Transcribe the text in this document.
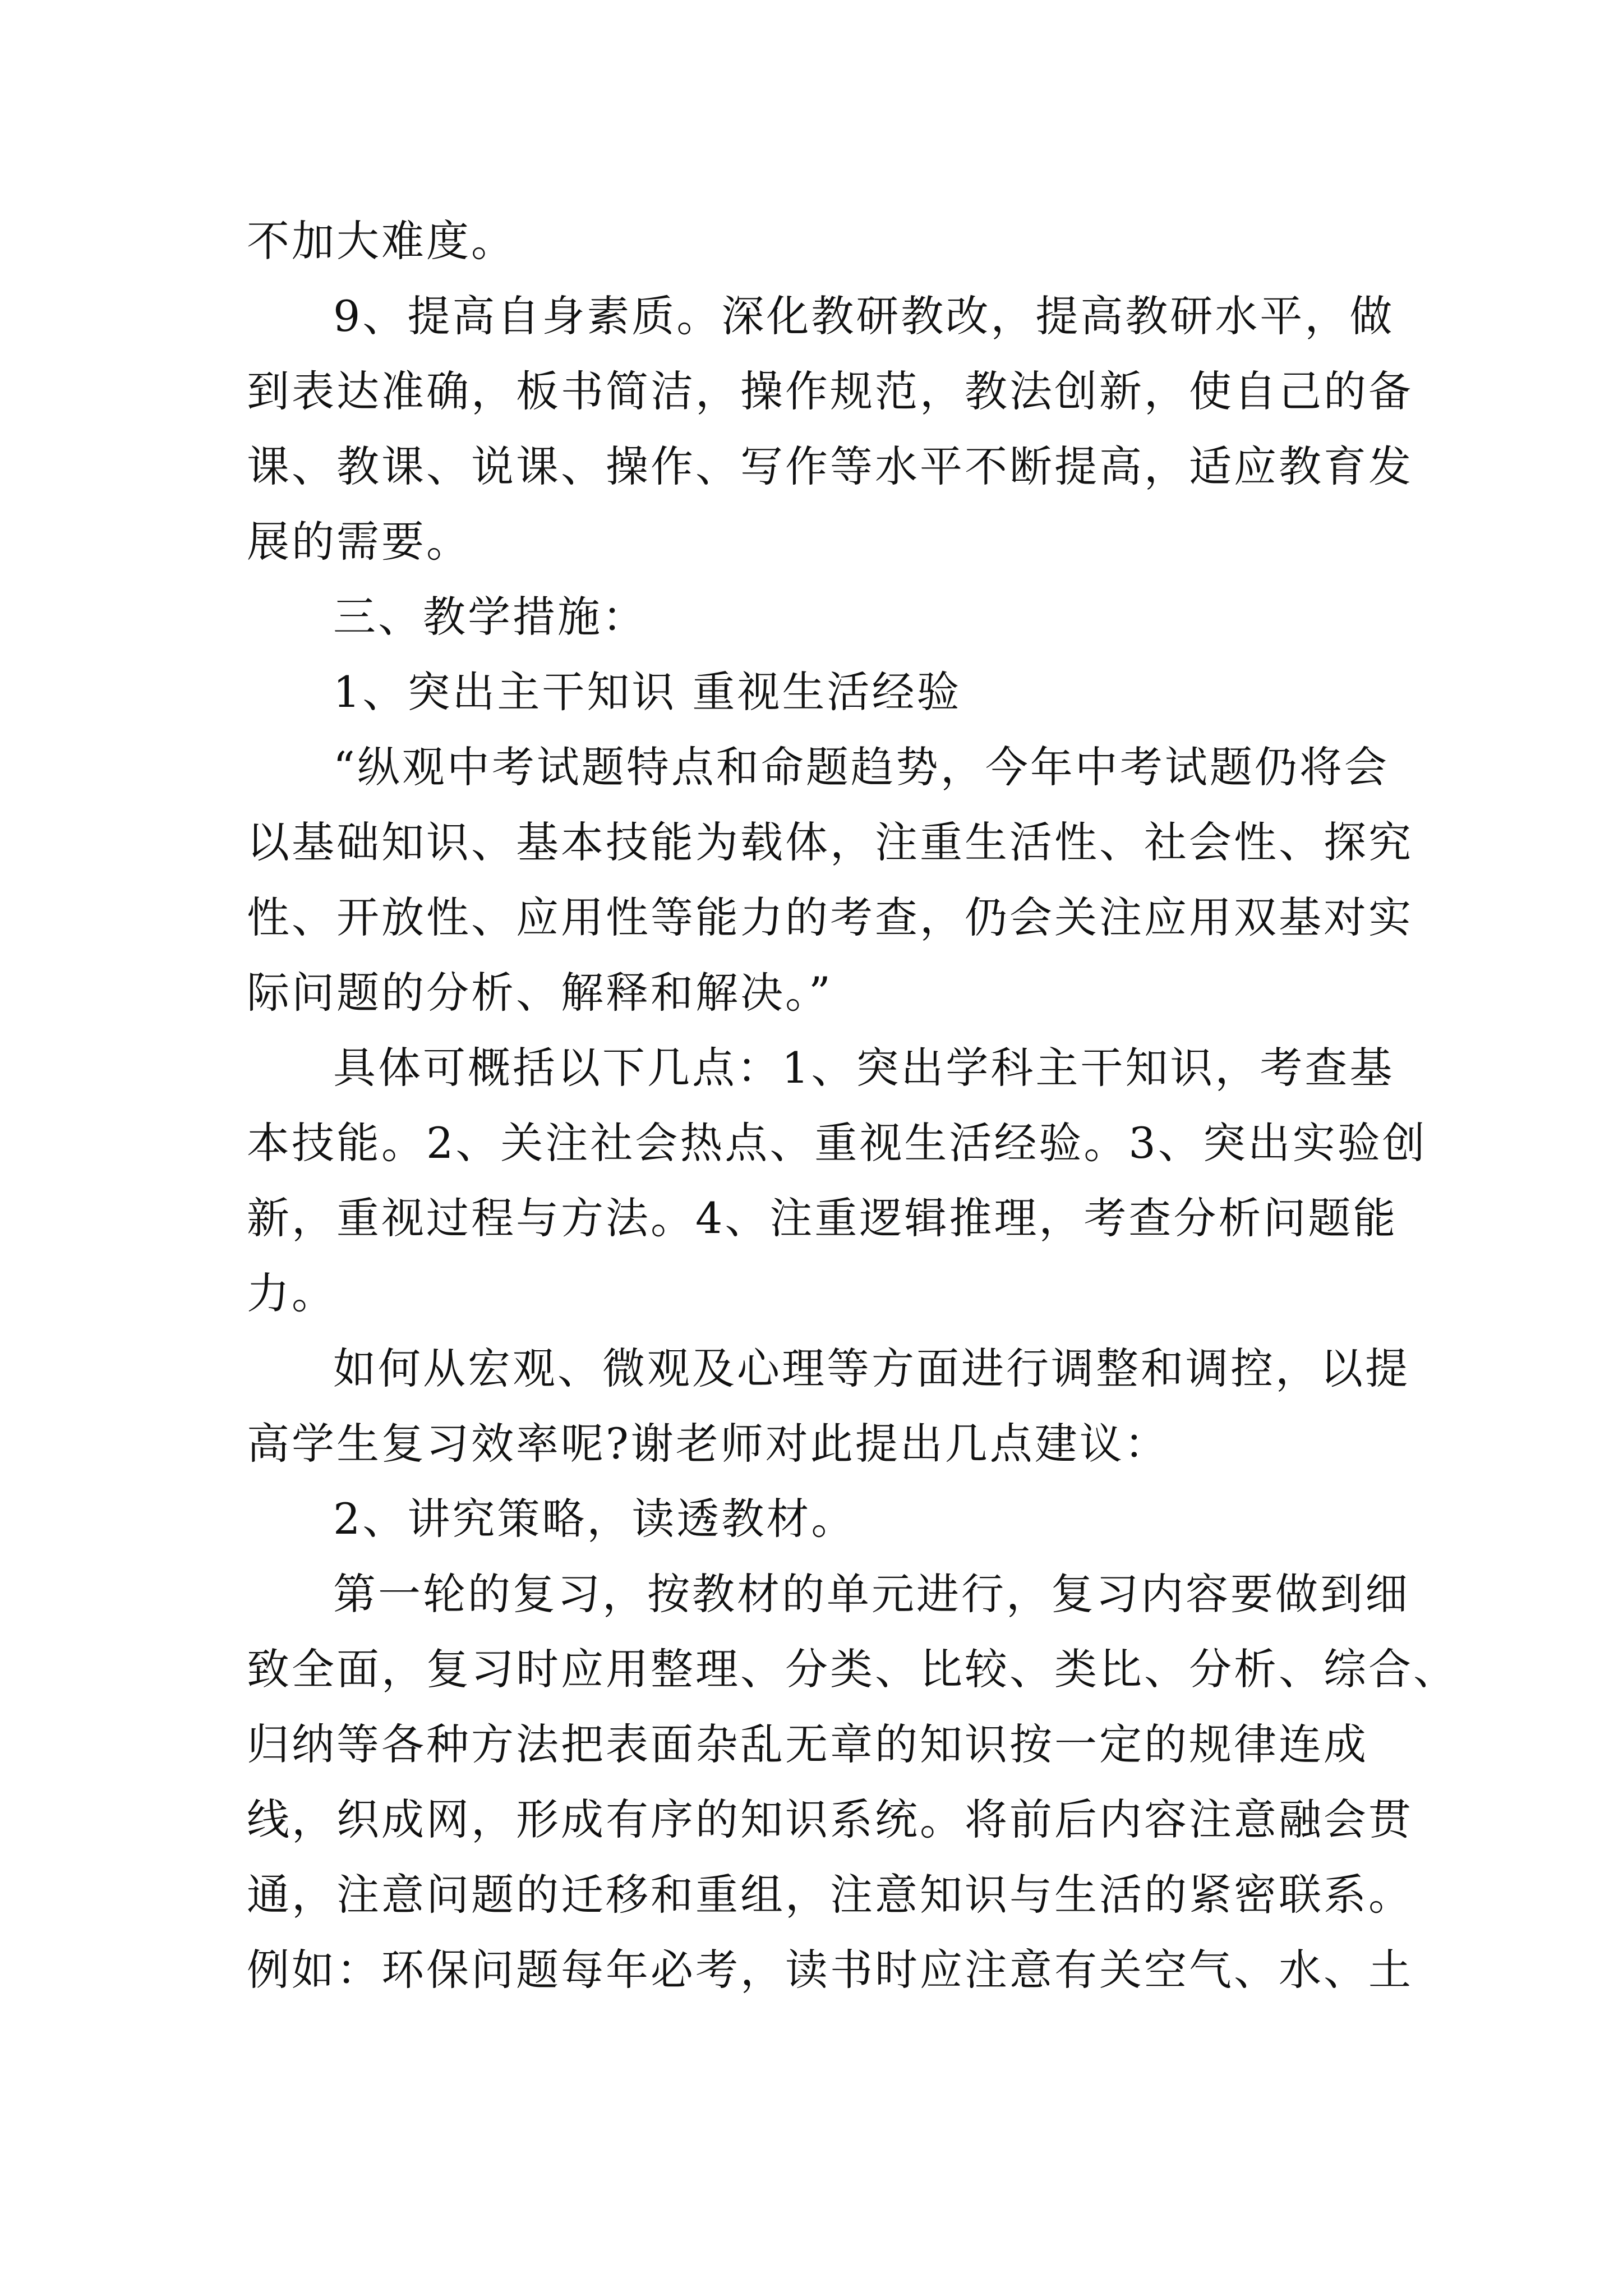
不加大难度。
9、提高自身素质。深化教研教改，提高教研水平，做
到表达准确，板书简洁，操作规范，教法创新，使自己的备
课、教课、说课、操作、写作等水平不断提高，适应教育发
展的需要。
三、教学措施：
1、突出主干知识 重视生活经验
“纵观中考试题特点和命题趋势，今年中考试题仍将会
以基础知识、基本技能为载体，注重生活性、社会性、探究
性、开放性、应用性等能力的考查，仍会关注应用双基对实
际问题的分析、解释和解决。”
具体可概括以下几点：1、突出学科主干知识，考查基
本技能。2、关注社会热点、重视生活经验。3、突出实验创
新，重视过程与方法。4、注重逻辑推理，考查分析问题能
力。
如何从宏观、微观及心理等方面进行调整和调控，以提
高学生复习效率呢?谢老师对此提出几点建议：
2、讲究策略，读透教材。
第一轮的复习，按教材的单元进行，复习内容要做到细
致全面，复习时应用整理、分类、比较、类比、分析、综合、
归纳等各种方法把表面杂乱无章的知识按一定的规律连成
线，织成网，形成有序的知识系统。将前后内容注意融会贯
通，注意问题的迁移和重组，注意知识与生活的紧密联系。
例如：环保问题每年必考，读书时应注意有关空气、水、土
